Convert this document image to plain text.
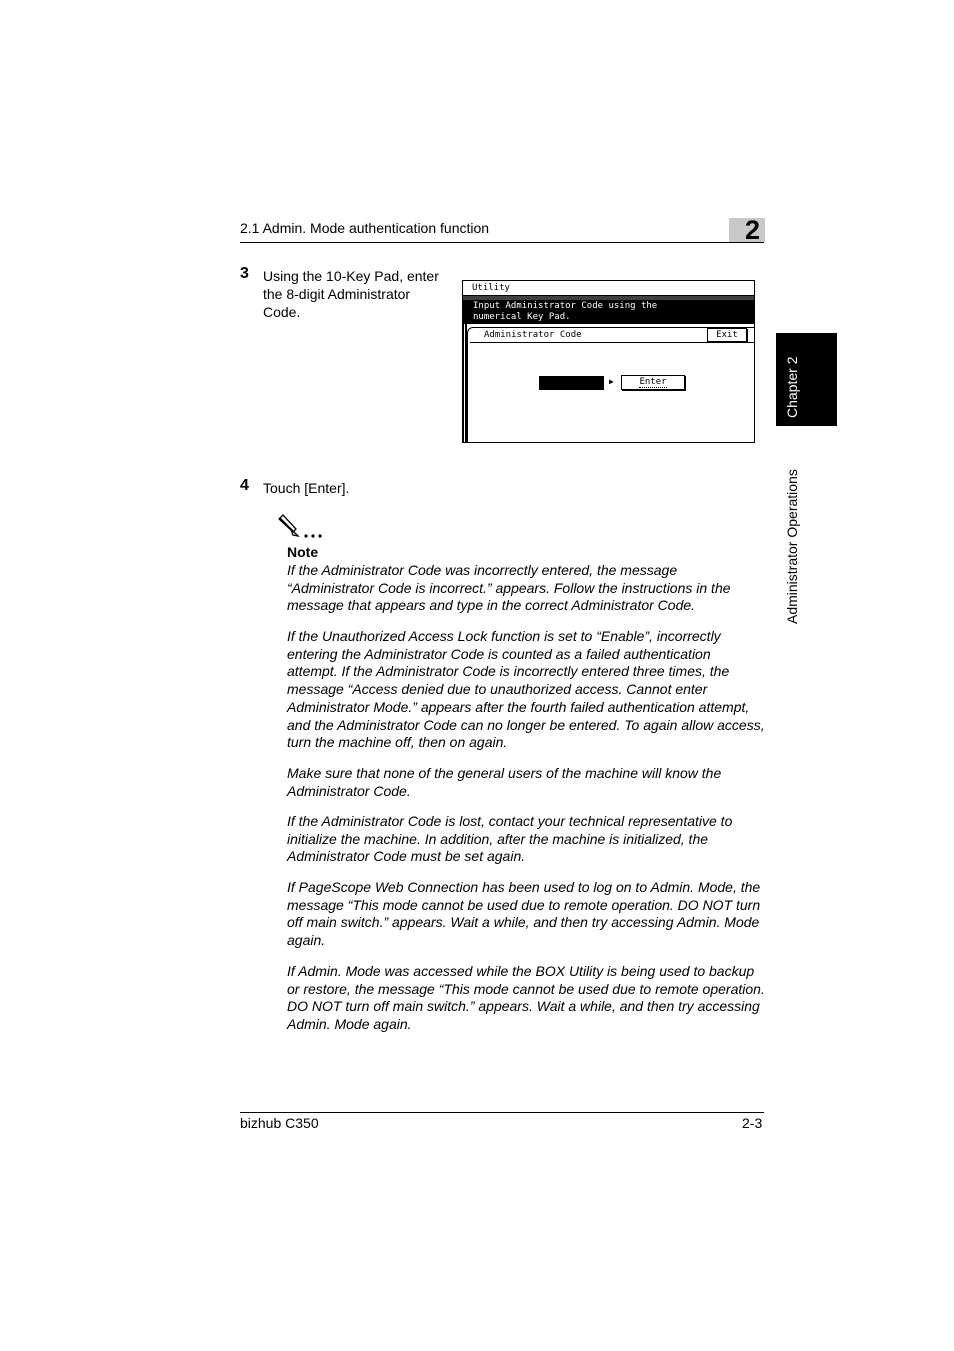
2.1 Admin. Mode authentication function	2
Chapter 2
Administrator Operations
3 Using the 10-Key Pad, enter the 8-digit Administrator Code.
Utility
Input Administrator Code using the
numerical Key Pad.
Administrator Code	Exit
▶	Enter
4 Touch [Enter].
Note
If the Administrator Code was incorrectly entered, the message “Administrator Code is incorrect.” appears. Follow the instructions in the message that appears and type in the correct Administrator Code.
If the Unauthorized Access Lock function is set to “Enable”, incorrectly entering the Administrator Code is counted as a failed authentication attempt. If the Administrator Code is incorrectly entered three times, the message “Access denied due to unauthorized access. Cannot enter Administrator Mode.” appears after the fourth failed authentication attempt, and the Administrator Code can no longer be entered. To again allow access, turn the machine off, then on again.
Make sure that none of the general users of the machine will know the Administrator Code.
If the Administrator Code is lost, contact your technical representative to initialize the machine. In addition, after the machine is initialized, the Administrator Code must be set again.
If PageScope Web Connection has been used to log on to Admin. Mode, the message “This mode cannot be used due to remote operation. DO NOT turn off main switch.” appears. Wait a while, and then try accessing Admin. Mode again.
If Admin. Mode was accessed while the BOX Utility is being used to backup or restore, the message “This mode cannot be used due to remote operation. DO NOT turn off main switch.” appears. Wait a while, and then try accessing Admin. Mode again.
bizhub C350	2-3
